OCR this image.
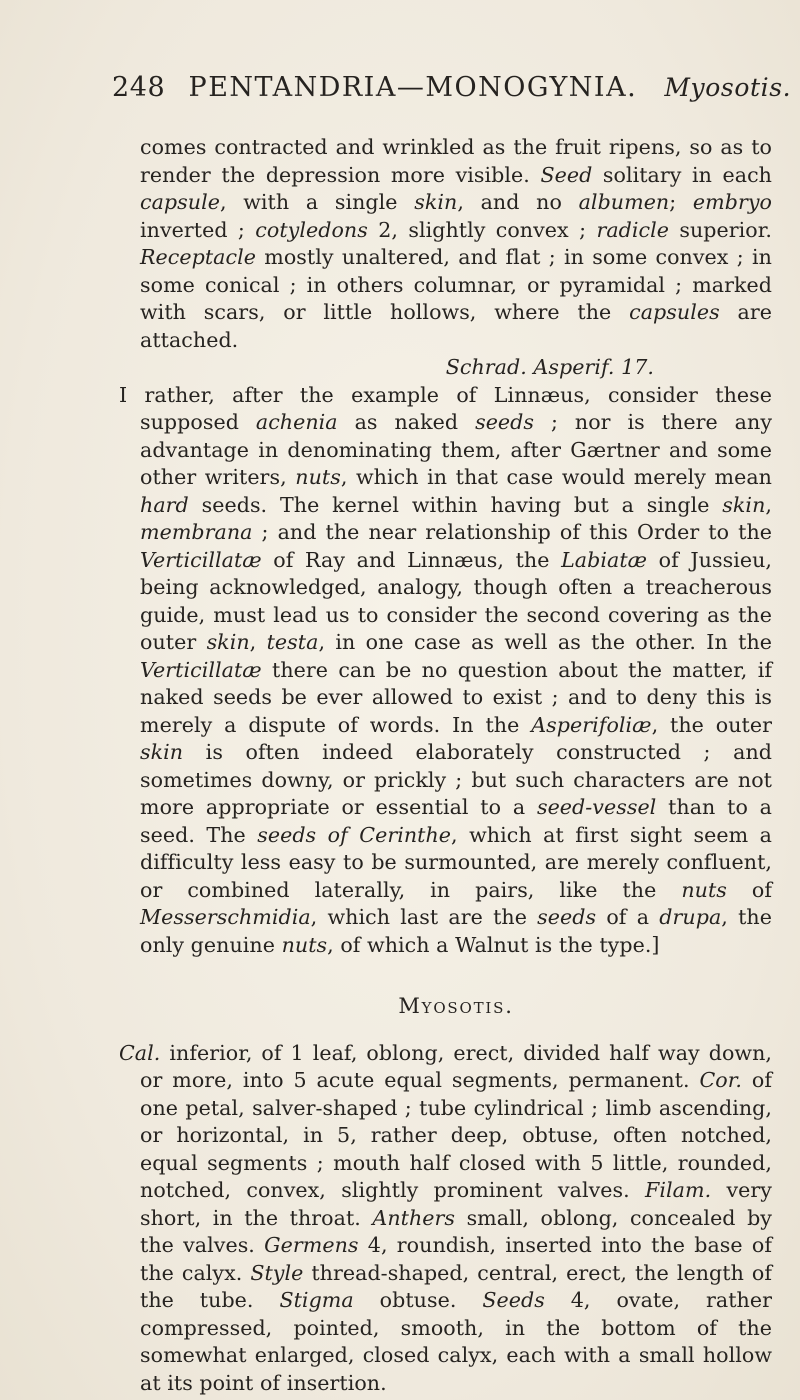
248 PENTANDRIA—MONOGYNIA. Myosotis.

comes contracted and wrinkled as the fruit ripens, so as to render the depression more visible. Seed solitary in each capsule, with a single skin, and no albumen; embryo inverted ; cotyledons 2, slightly convex ; radicle superior. Receptacle mostly unaltered, and flat ; in some convex ; in some conical ; in others columnar, or pyramidal ; marked with scars, or little hollows, where the capsules are attached.

Schrad. Asperif. 17.

I rather, after the example of Linnæus, consider these supposed achenia as naked seeds ; nor is there any advantage in denominating them, after Gærtner and some other writers, nuts, which in that case would merely mean hard seeds. The kernel within having but a single skin, membrana ; and the near relationship of this Order to the Verticillatæ of Ray and Linnæus, the Labiatæ of Jussieu, being acknowledged, analogy, though often a treacherous guide, must lead us to consider the second covering as the outer skin, testa, in one case as well as the other. In the Verticillatæ there can be no question about the matter, if naked seeds be ever allowed to exist ; and to deny this is merely a dispute of words. In the Asperifoliæ, the outer skin is often indeed elaborately constructed ; and sometimes downy, or prickly ; but such characters are not more appropriate or essential to a seed-vessel than to a seed. The seeds of Cerinthe, which at first sight seem a difficulty less easy to be surmounted, are merely confluent, or combined laterally, in pairs, like the nuts of Messerschmidia, which last are the seeds of a drupa, the only genuine nuts, of which a Walnut is the type.]

Myosotis.

Cal. inferior, of 1 leaf, oblong, erect, divided half way down, or more, into 5 acute equal segments, permanent. Cor. of one petal, salver-shaped ; tube cylindrical ; limb ascending, or horizontal, in 5, rather deep, obtuse, often notched, equal segments ; mouth half closed with 5 little, rounded, notched, convex, slightly prominent valves. Filam. very short, in the throat. Anthers small, oblong, concealed by the valves. Germens 4, roundish, inserted into the base of the calyx. Style thread-shaped, central, erect, the length of the tube. Stigma obtuse. Seeds 4, ovate, rather compressed, pointed, smooth, in the bottom of the somewhat enlarged, closed calyx, each with a small hollow at its point of insertion.
